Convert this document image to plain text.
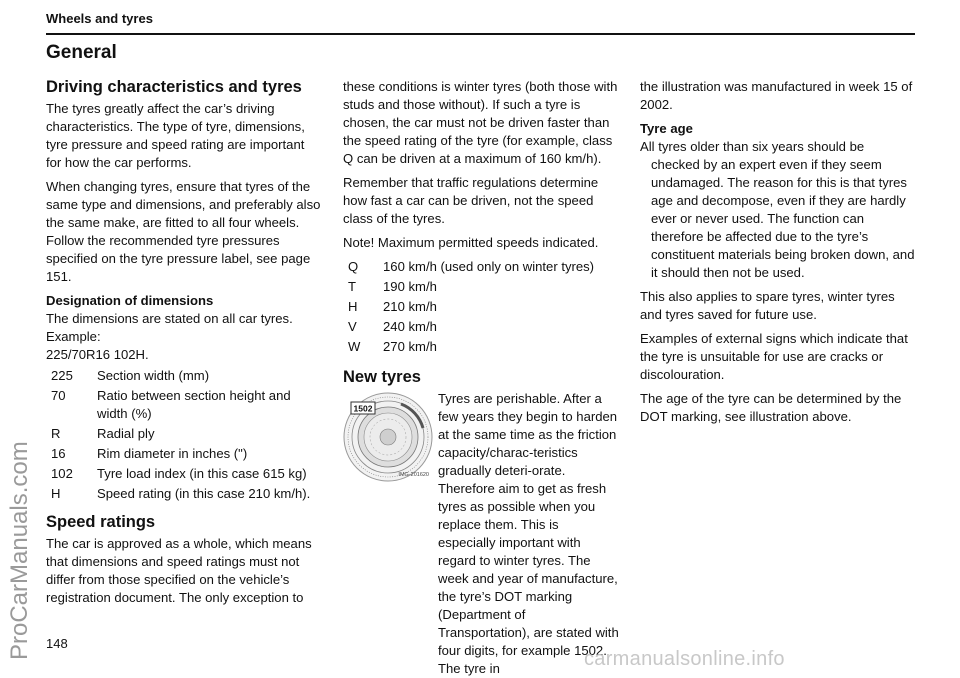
Wheels and tyres
General
Driving characteristics and tyres

The tyres greatly affect the car’s driving characteristics. The type of tyre, dimensions, tyre pressure and speed rating are important for how the car performs.

When changing tyres, ensure that tyres of the same type and dimensions, and preferably also the same make, are fitted to all four wheels. Follow the recommended tyre pressures specified on the tyre pressure label, see page 151.

Designation of dimensions
The dimensions are stated on all car tyres. Example:
225/70R16 102H.
225	Section width (mm)
70	Ratio between section height and width (%)
R	Radial ply
16	Rim diameter in inches (")
102	Tyre load index (in this case 615 kg)
H	Speed rating (in this case 210 km/h).
Speed ratings

The car is approved as a whole, which means that dimensions and speed ratings must not differ from those specified on the vehicle’s registration document. The only exception to

these conditions is winter tyres (both those with studs and those without). If such a tyre is chosen, the car must not be driven faster than the speed rating of the tyre (for example, class Q can be driven at a maximum of 160 km/h).

Remember that traffic regulations determine how fast a car can be driven, not the speed class of the tyres.

Note! Maximum permitted speeds indicated.

Q	160 km/h (used only on winter tyres)
T	190 km/h
H	210 km/h
V	240 km/h
W	270 km/h
New tyres
1502
IMG-201620

Tyres are perishable. After a few years they begin to harden at the same time as the friction capacity/charac-teristics gradually deteri-orate. Therefore aim to get as fresh tyres as possible when you replace them. This is especially important with regard to winter tyres. The week and year of manufacture, the tyre’s DOT marking (Department of Transportation), are stated with four digits, for example 1502. The tyre in

the illustration was manufactured in week 15 of 2002.

Tyre age

All tyres older than six years should be checked by an expert even if they seem undamaged. The reason for this is that tyres age and decompose, even if they are hardly ever or never used. The function can therefore be affected due to the tyre’s constituent materials being broken down, and it should then not be used.

This also applies to spare tyres, winter tyres and tyres saved for future use.

Examples of external signs which indicate that the tyre is unsuitable for use are cracks or discolouration.

The age of the tyre can be determined by the DOT marking, see illustration above.

148
ProCarManuals.com	carmanualsonline.info
